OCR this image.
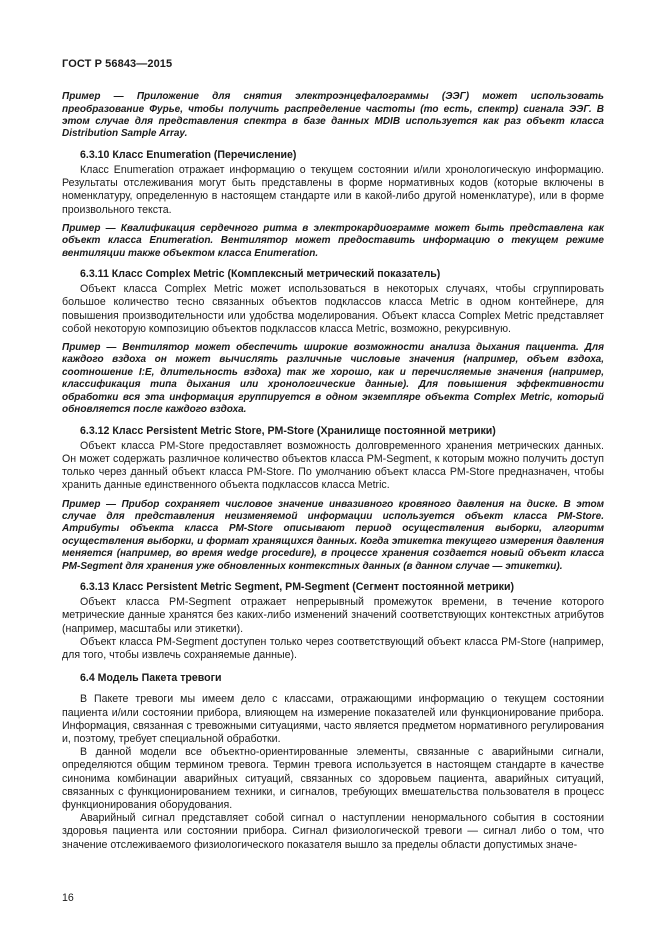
ГОСТ Р 56843—2015

Пример — Приложение для снятия электроэнцефалограммы (ЭЭГ) может использовать преобразование Фурье, чтобы получить распределение частоты (то есть, спектр) сигнала ЭЭГ. В этом случае для представления спектра в базе данных MDIB используется как раз объект класса Distribution Sample Array.

6.3.10 Класс Enumeration (Перечисление)

Класс Enumeration отражает информацию о текущем состоянии и/или хронологическую информацию. Результаты отслеживания могут быть представлены в форме нормативных кодов (которые включены в номенклатуру, определенную в настоящем стандарте или в какой-либо другой номенклатуре), или в форме произвольного текста.

Пример — Квалификация сердечного ритма в электрокардиограмме может быть представлена как объект класса Enumeration. Вентилятор может предоставить информацию о текущем режиме вентиляции также объектом класса Enumeration.

6.3.11 Класс Complex Metric (Комплексный метрический показатель)

Объект класса Complex Metric может использоваться в некоторых случаях, чтобы сгруппировать большое количество тесно связанных объектов подклассов класса Metric в одном контейнере, для повышения производительности или удобства моделирования. Объект класса Complex Metric представляет собой некоторую композицию объектов подклассов класса Metric, возможно, рекурсивную.

Пример — Вентилятор может обеспечить широкие возможности анализа дыхания пациента. Для каждого вздоха он может вычислять различные числовые значения (например, объем вздоха, соотношение I:E, длительность вздоха) так же хорошо, как и перечисляемые значения (например, классификация типа дыхания или хронологические данные). Для повышения эффективности обработки вся эта информация группируется в одном экземпляре объекта Complex Metric, который обновляется после каждого вздоха.

6.3.12 Класс Persistent Metric Store, PM-Store (Хранилище постоянной метрики)

Объект класса PM-Store предоставляет возможность долговременного хранения метрических данных. Он может содержать различное количество объектов класса PM-Segment, к которым можно получить доступ только через данный объект класса PM-Store. По умолчанию объект класса PM-Store предназначен, чтобы хранить данные единственного объекта подклассов класса Metric.

Пример — Прибор сохраняет числовое значение инвазивного кровяного давления на диске. В этом случае для представления неизменяемой информации используется объект класса PM-Store. Атрибуты объекта класса PM-Store описывают период осуществления выборки, алгоритм осуществления выборки, и формат хранящихся данных. Когда этикетка текущего измерения давления меняется (например, во время wedge procedure), в процессе хранения создается новый объект класса PM-Segment для хранения уже обновленных контекстных данных (в данном случае — этикетки).

6.3.13 Класс Persistent Metric Segment, PM-Segment (Сегмент постоянной метрики)

Объект класса PM-Segment отражает непрерывный промежуток времени, в течение которого метрические данные хранятся без каких-либо изменений значений соответствующих контекстных атрибутов (например, масштабы или этикетки).

Объект класса PM-Segment доступен только через соответствующий объект класса PM-Store (например, для того, чтобы извлечь сохраняемые данные).

6.4 Модель Пакета тревоги

В Пакете тревоги мы имеем дело с классами, отражающими информацию о текущем состоянии пациента и/или состоянии прибора, влияющем на измерение показателей или функционирование прибора. Информация, связанная с тревожными ситуациями, часто является предметом нормативного регулирования и, поэтому, требует специальной обработки.

В данной модели все объектно-ориентированные элементы, связанные с аварийными сигнали, определяются общим термином тревога. Термин тревога используется в настоящем стандарте в качестве синонима комбинации аварийных ситуаций, связанных со здоровьем пациента, аварийных ситуаций, связанных с функционированием техники, и сигналов, требующих вмешательства пользователя в процесс функционирования оборудования.

Аварийный сигнал представляет собой сигнал о наступлении ненормального события в состоянии здоровья пациента или состоянии прибора. Сигнал физиологической тревоги — сигнал либо о том, что значение отслеживаемого физиологического показателя вышло за пределы области допустимых значе-

16
